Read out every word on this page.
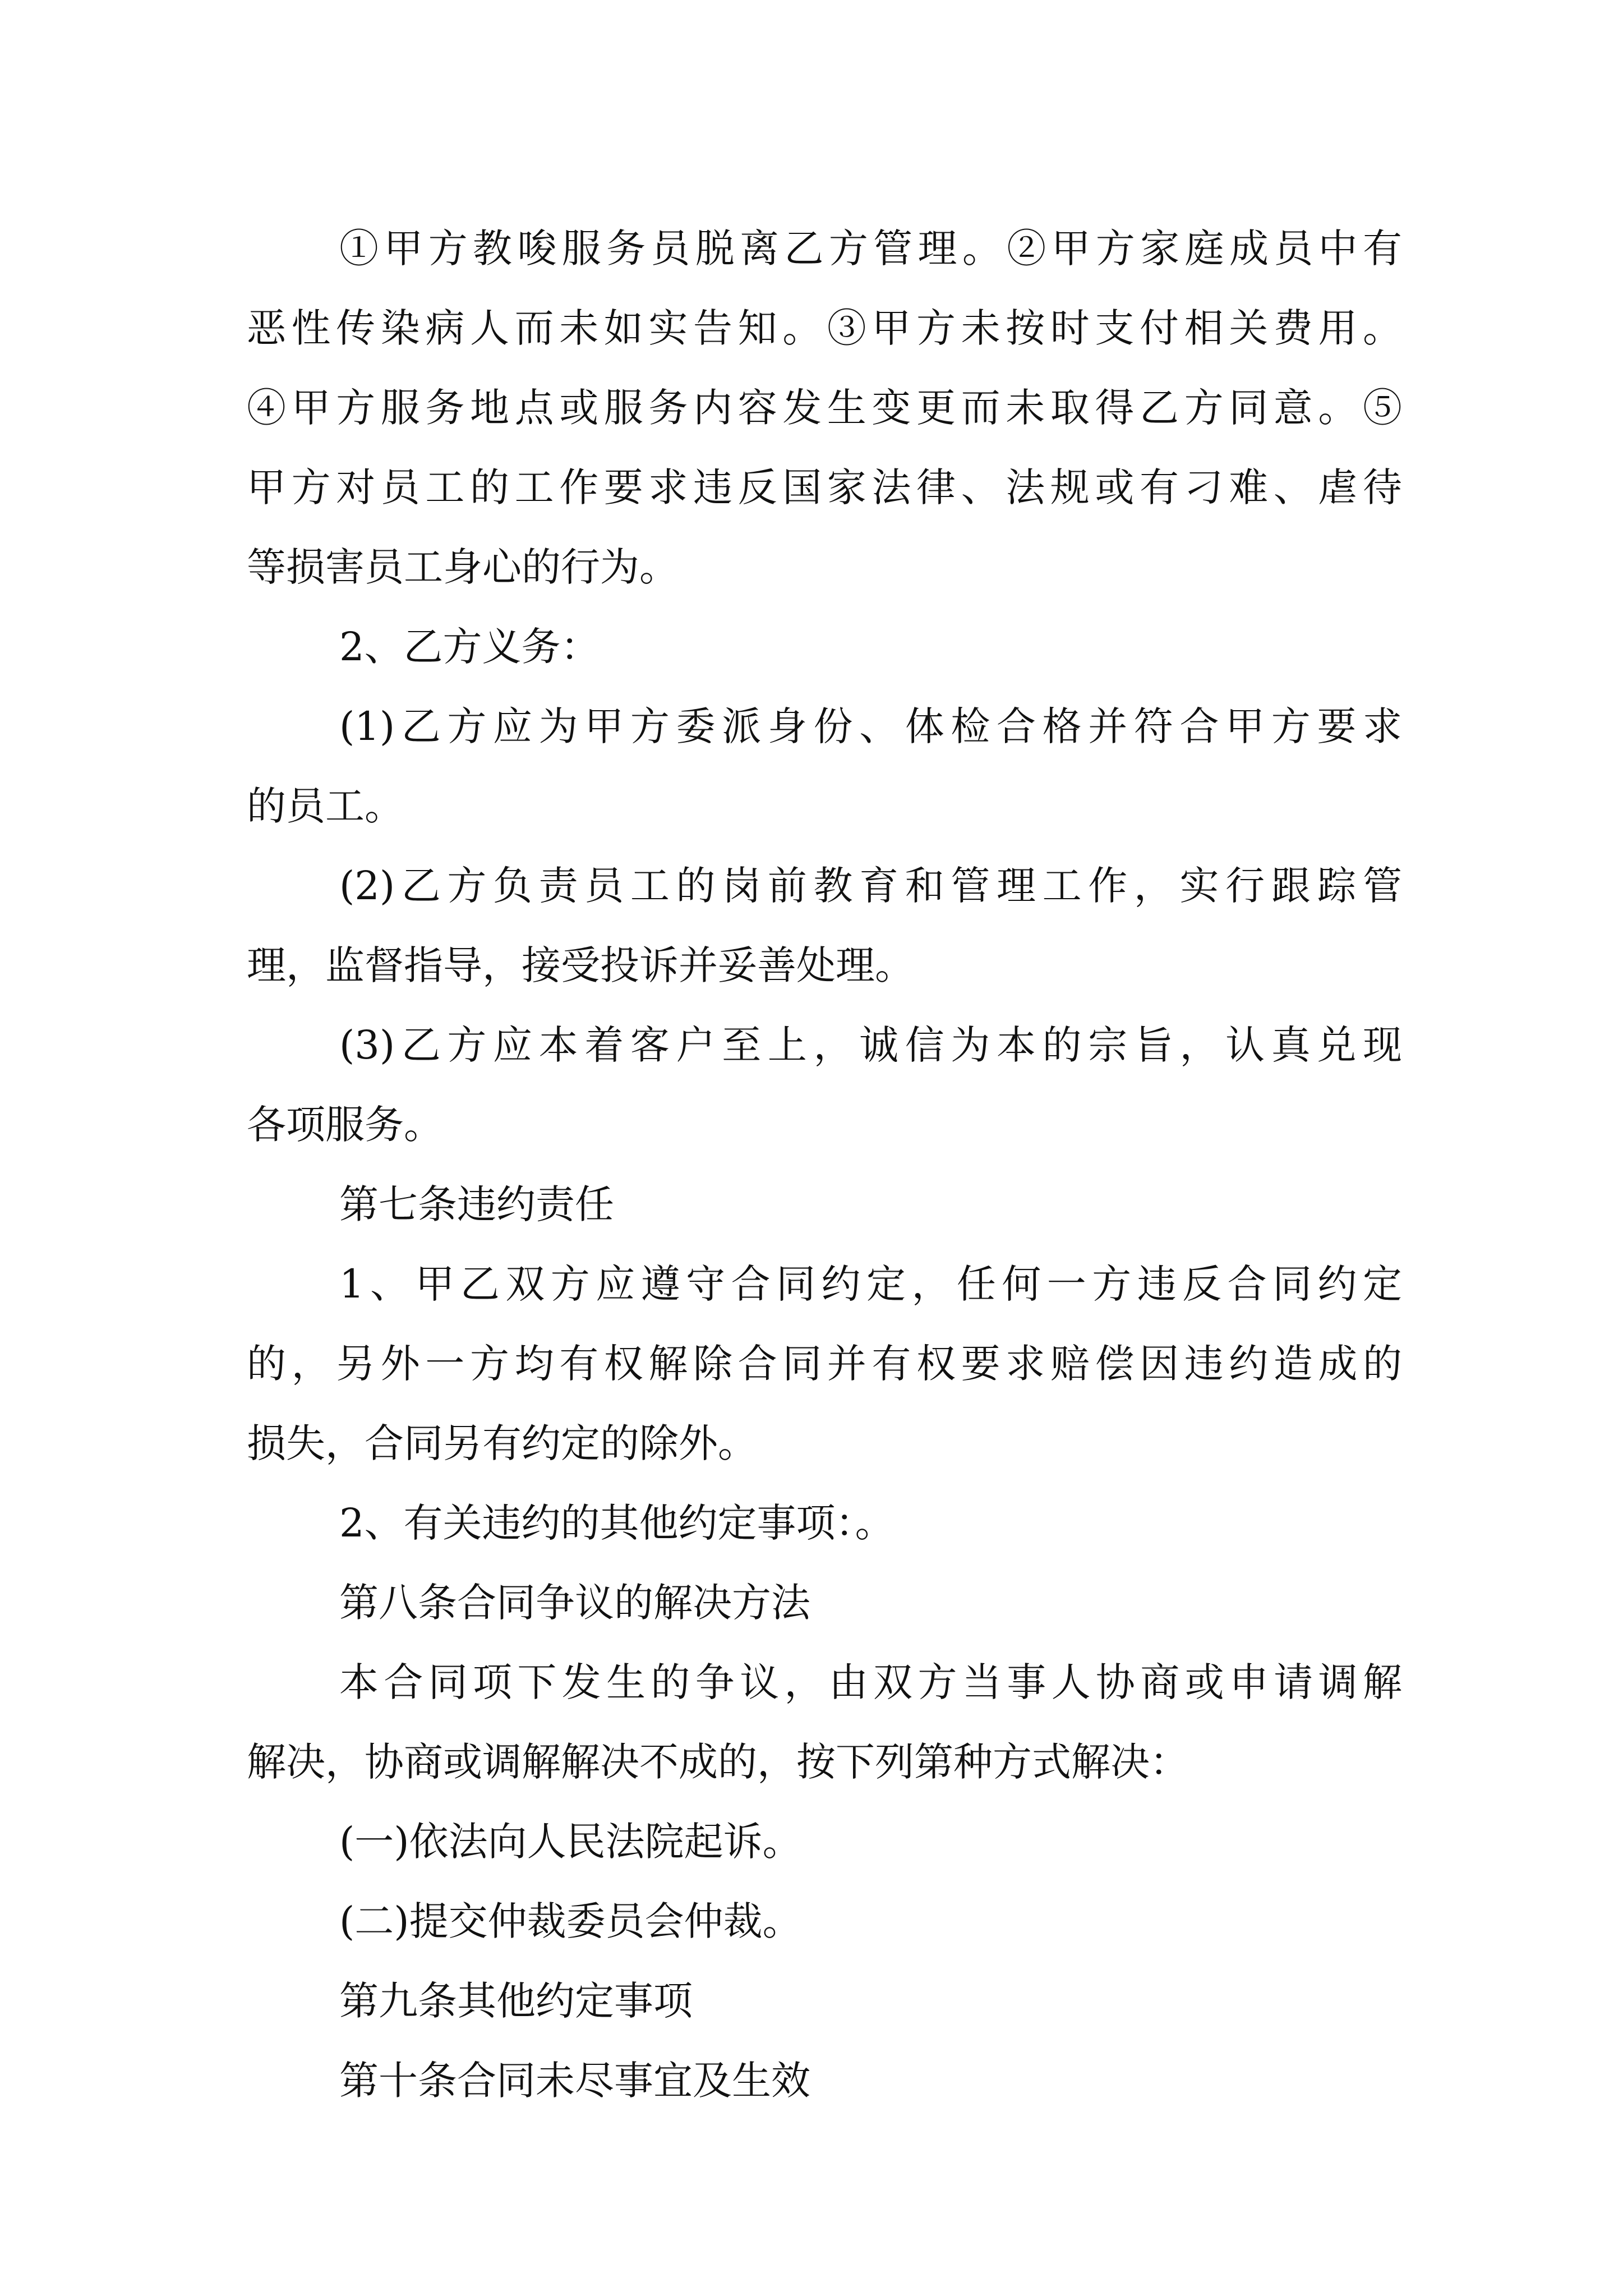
①甲方教唆服务员脱离乙方管理。②甲方家庭成员中有
恶性传染病人而未如实告知。③甲方未按时支付相关费用。
④甲方服务地点或服务内容发生变更而未取得乙方同意。⑤
甲方对员工的工作要求违反国家法律、法规或有刁难、虐待
等损害员工身心的行为。
2、乙方义务：
(1)乙方应为甲方委派身份、体检合格并符合甲方要求
的员工。
(2)乙方负责员工的岗前教育和管理工作，实行跟踪管
理，监督指导，接受投诉并妥善处理。
(3)乙方应本着客户至上，诚信为本的宗旨，认真兑现
各项服务。
第七条违约责任
1、甲乙双方应遵守合同约定，任何一方违反合同约定
的，另外一方均有权解除合同并有权要求赔偿因违约造成的
损失，合同另有约定的除外。
2、有关违约的其他约定事项：。
第八条合同争议的解决方法
本合同项下发生的争议，由双方当事人协商或申请调解
解决，协商或调解解决不成的，按下列第种方式解决：
(一)依法向人民法院起诉。
(二)提交仲裁委员会仲裁。
第九条其他约定事项
第十条合同未尽事宜及生效
